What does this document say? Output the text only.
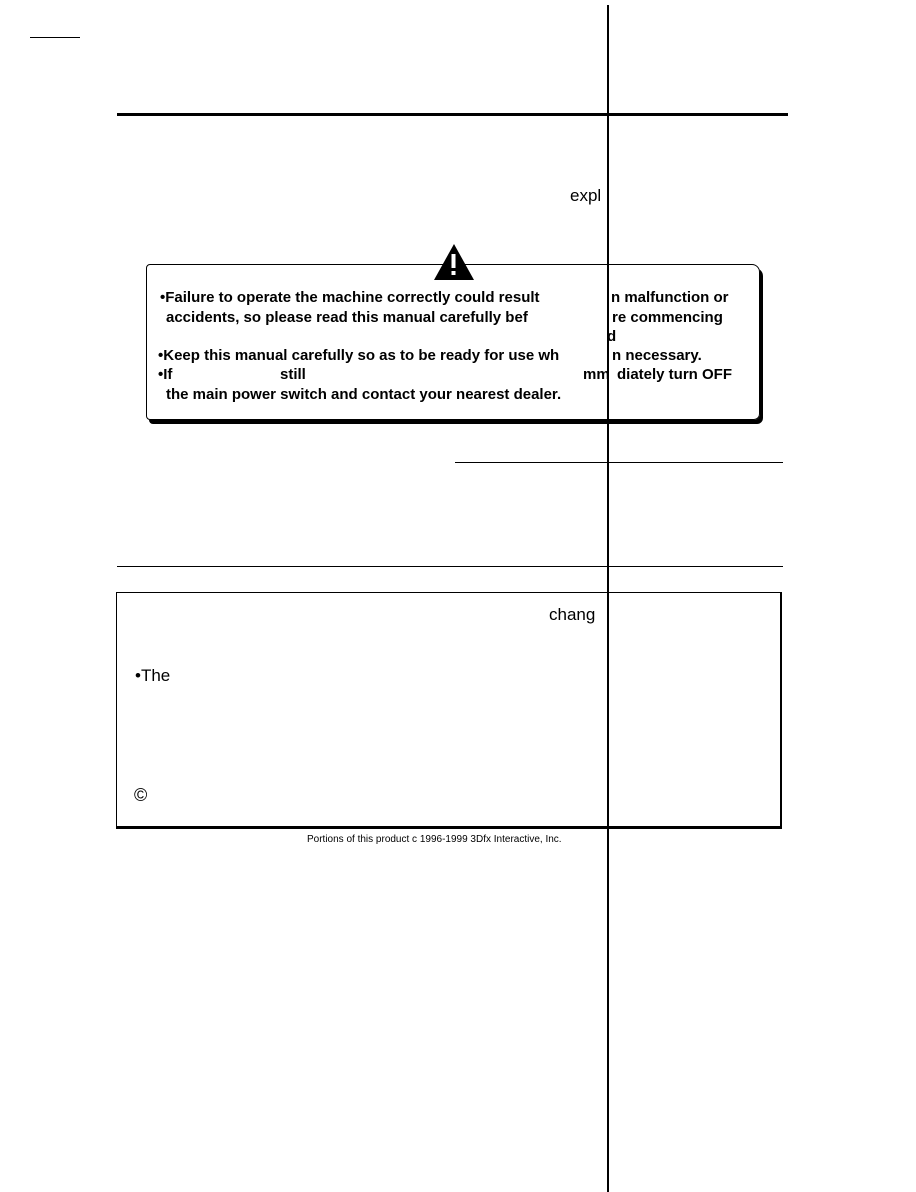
expl
•Failure to operate the machine correctly could result	n malfunction or
accidents, so please read this manual carefully bef	re commencing
d
•Keep this manual carefully so as to be ready for use wh	n necessary.
•If	still	mm diately turn OFF
the main power switch and contact your nearest dealer.
chang
•The
©
Portions of this product c 1996-1999 3Dfx Interactive, Inc.
